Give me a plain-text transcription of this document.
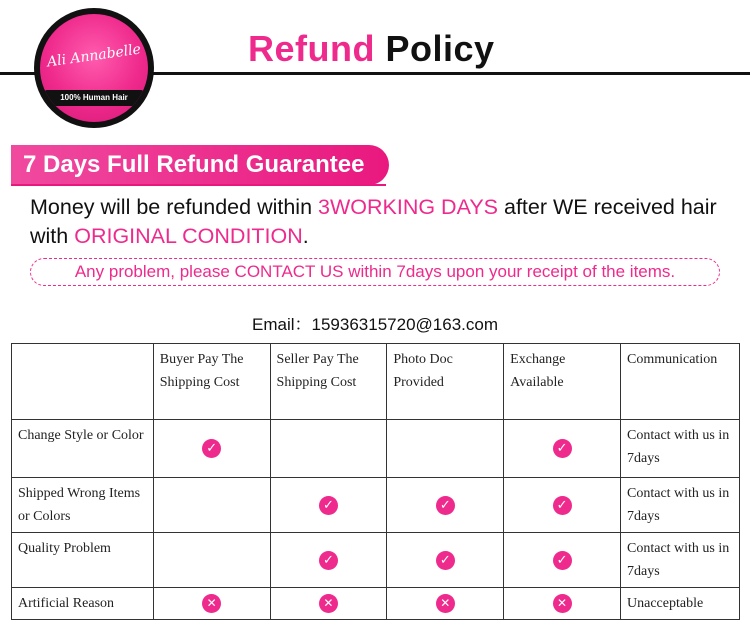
Ali Annabelle
100% Human Hair
Refund Policy
7 Days Full Refund Guarantee
Money will be refunded within 3WORKING DAYS after WE received hair with ORIGINAL CONDITION.
Any problem, please CONTACT US within 7days upon your receipt of the items.
Email：15936315720@163.com
	Buyer Pay The Shipping Cost	Seller Pay The Shipping Cost	Photo Doc Provided	Exchange Available	Communication
Change Style or Color	✓			✓	Contact with us in 7days
Shipped Wrong Items or Colors		✓	✓	✓	Contact with us in 7days
Quality Problem		✓	✓	✓	Contact with us in 7days
Artificial Reason	✕	✕	✕	✕	Unacceptable
